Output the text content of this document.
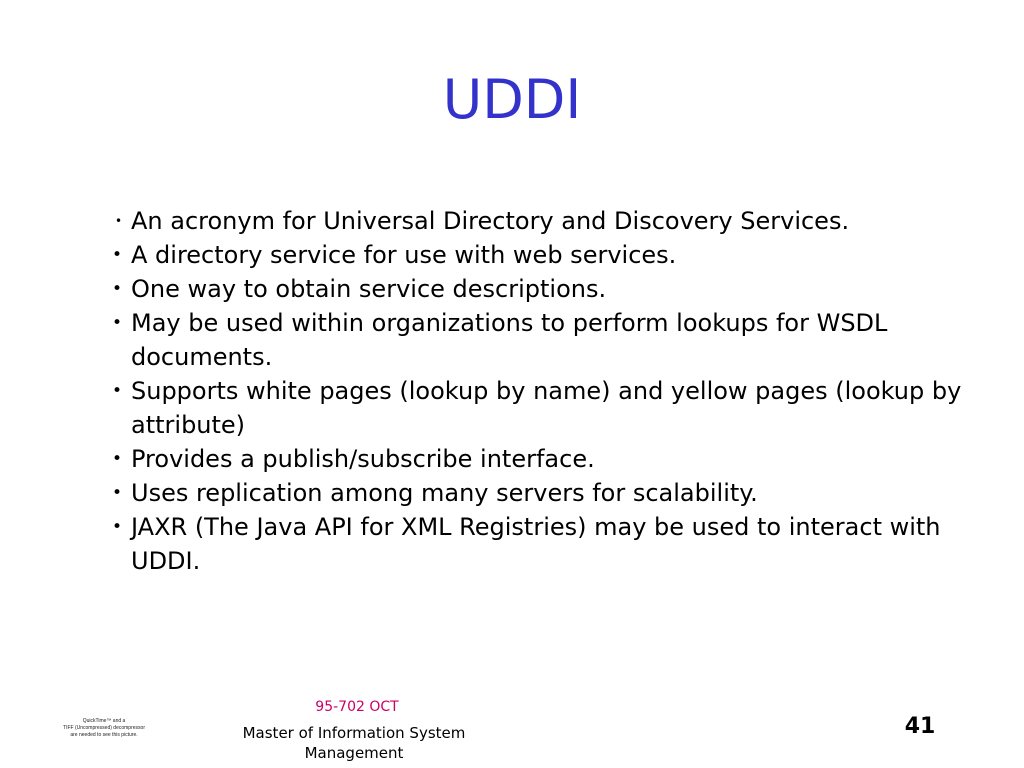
UDDI
• An acronym for Universal Directory and Discovery Services.
• A directory service for use with web services.
• One way to obtain service descriptions.
• May be used within organizations to perform lookups for WSDL documents.
• Supports white pages (lookup by name) and yellow pages (lookup by attribute)
• Provides a publish/subscribe interface.
• Uses replication among many servers for scalability.
• JAXR (The Java API for XML Registries) may be used to interact with UDDI.
QuickTime™ and a
TIFF (Uncompressed) decompressor
are needed to see this picture.
95-702 OCT
Master of Information System Management
41
